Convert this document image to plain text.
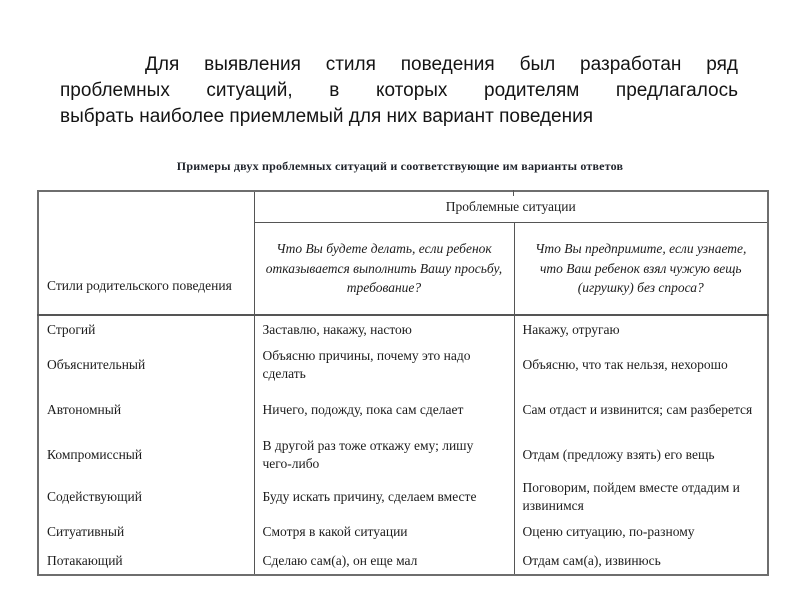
Для выявления стиля поведения был разработан ряд
проблемных ситуаций, в которых родителям предлагалось
выбрать наиболее приемлемый для них вариант поведения
Примеры двух проблемных ситуаций и соответствующие им варианты ответов
Стили родительского поведения	Проблемные ситуации	
	Что Вы будете делать, если ребенок отказывается выполнить Вашу просьбу, требование?	Что Вы предпримите, если узнаете, что Ваш ребенок взял чужую вещь (игрушку) без спроса?
Строгий	Заставлю, накажу, настою	Накажу, отругаю
Объяснительный	Объясню причины, почему это надо сделать	Объясню, что так нельзя, нехорошо
Автономный	Ничего, подожду, пока сам сделает	Сам отдаст и извинится; сам разберется
Компромиссный	В другой раз тоже откажу ему; лишу чего-либо	Отдам (предложу взять) его вещь
Содействующий	Буду искать причину, сделаем вместе	Поговорим, пойдем вместе отдадим и извинимся
Ситуативный	Смотря в какой ситуации	Оценю ситуацию, по-разному
Потакающий	Сделаю сам(а), он еще мал	Отдам сам(а), извинюсь
